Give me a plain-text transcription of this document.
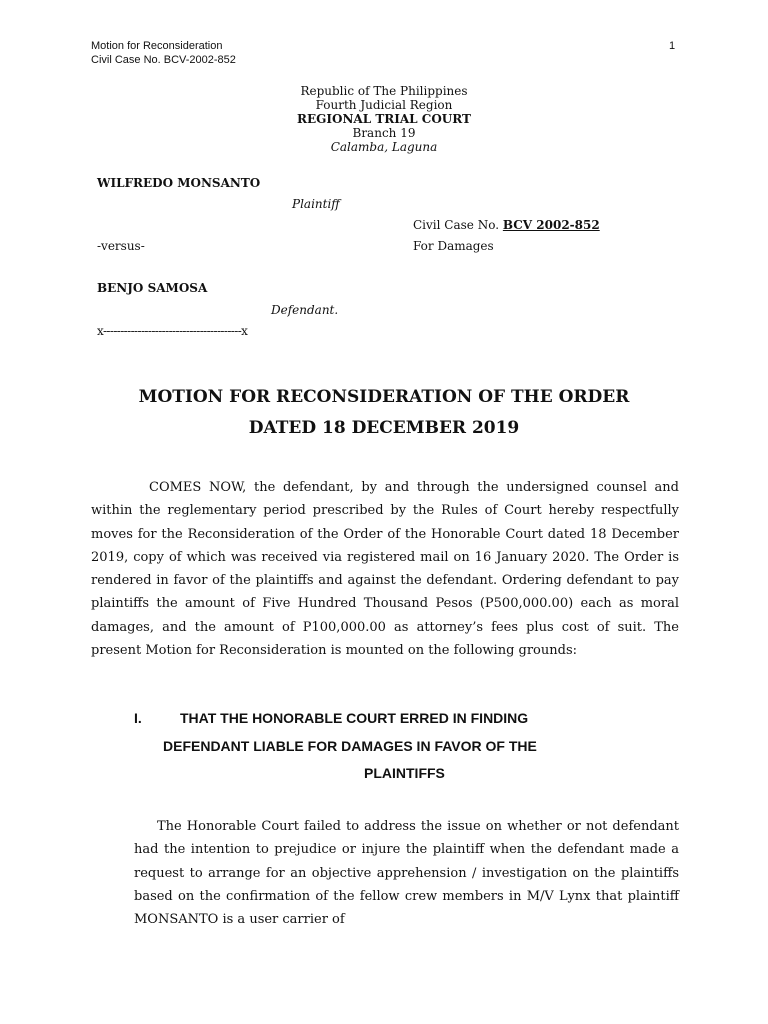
Motion for Reconsideration
Civil Case No. BCV-2002-852
1
Republic of The Philippines
Fourth Judicial Region
REGIONAL TRIAL COURT
Branch 19
Calamba, Laguna
WILFREDO MONSANTO
Plaintiff
Civil Case No. BCV 2002-852
-versus-	For Damages
BENJO SAMOSA
Defendant.
x----------------------------------------x
MOTION FOR RECONSIDERATION OF THE ORDER
DATED 18 DECEMBER 2019
COMES NOW, the defendant, by and through the undersigned counsel and within the reglementary period prescribed by the Rules of Court hereby respectfully moves for the Reconsideration of the Order of the Honorable Court dated 18 December 2019, copy of which was received via registered mail on 16 January 2020. The Order is rendered in favor of the plaintiffs and against the defendant. Ordering defendant to pay plaintiffs the amount of Five Hundred Thousand Pesos (P500,000.00) each as moral damages, and the amount of P100,000.00 as attorney’s fees plus cost of suit. The present Motion for Reconsideration is mounted on the following grounds:
I.	THAT THE HONORABLE COURT ERRED IN FINDING
DEFENDANT LIABLE FOR DAMAGES IN FAVOR OF THE
PLAINTIFFS
The Honorable Court failed to address the issue on whether or not defendant had the intention to prejudice or injure the plaintiff when the defendant made a request to arrange for an objective apprehension / investigation on the plaintiffs based on the confirmation of the fellow crew members in M/V Lynx that plaintiff MONSANTO is a user carrier of
